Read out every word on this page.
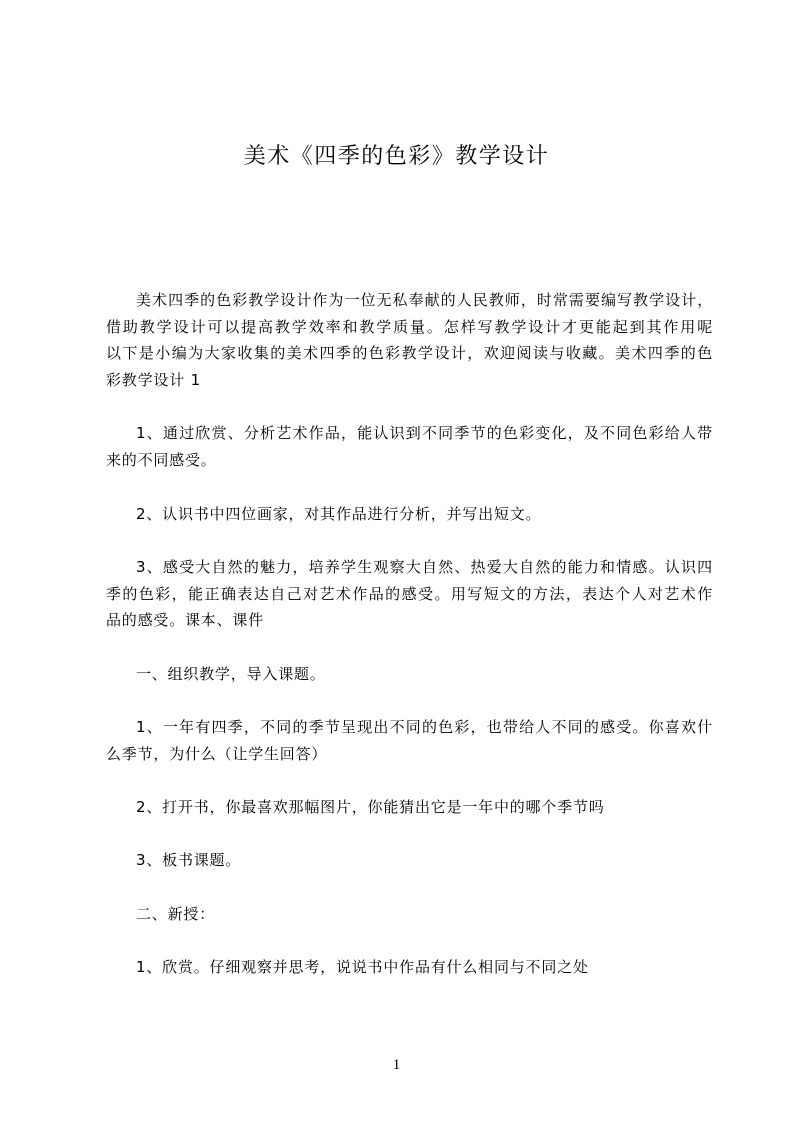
美术《四季的色彩》教学设计
美术四季的色彩教学设计作为一位无私奉献的人民教师，时常需要编写教学设计，
借助教学设计可以提高教学效率和教学质量。怎样写教学设计才更能起到其作用呢
以下是小编为大家收集的美术四季的色彩教学设计，欢迎阅读与收藏。美术四季的色
彩教学设计 1
1、通过欣赏、分析艺术作品，能认识到不同季节的色彩变化，及不同色彩给人带
来的不同感受。
2、认识书中四位画家，对其作品进行分析，并写出短文。
3、感受大自然的魅力，培养学生观察大自然、热爱大自然的能力和情感。认识四
季的色彩，能正确表达自己对艺术作品的感受。用写短文的方法，表达个人对艺术作
品的感受。课本、课件
一、组织教学，导入课题。
1、一年有四季，不同的季节呈现出不同的色彩，也带给人不同的感受。你喜欢什
么季节，为什么（让学生回答）
2、打开书，你最喜欢那幅图片，你能猜出它是一年中的哪个季节吗
3、板书课题。
二、新授：
1、欣赏。仔细观察并思考，说说书中作品有什么相同与不同之处
1
